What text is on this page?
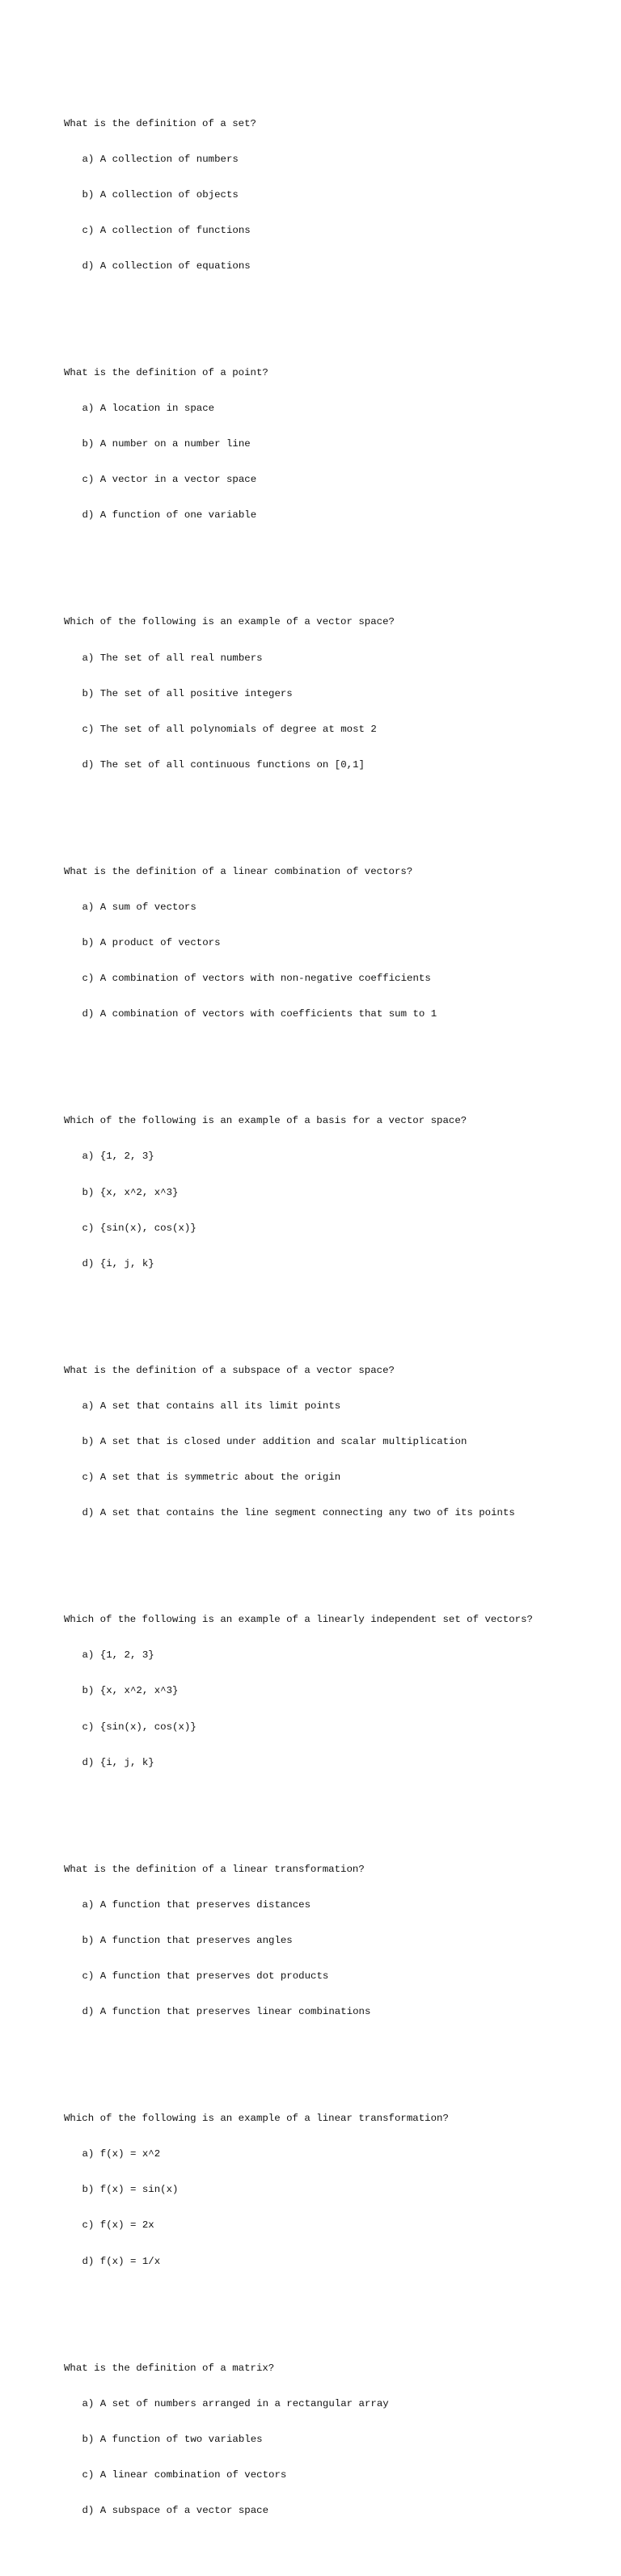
What is the definition of a set?

a) A collection of numbers

b) A collection of objects

c) A collection of functions

d) A collection of equations

What is the definition of a point?

a) A location in space

b) A number on a number line

c) A vector in a vector space

d) A function of one variable

Which of the following is an example of a vector space?

a) The set of all real numbers

b) The set of all positive integers

c) The set of all polynomials of degree at most 2

d) The set of all continuous functions on [0,1]

What is the definition of a linear combination of vectors?

a) A sum of vectors

b) A product of vectors

c) A combination of vectors with non-negative coefficients

d) A combination of vectors with coefficients that sum to 1

Which of the following is an example of a basis for a vector space?

a) {1, 2, 3}

b) {x, x^2, x^3}

c) {sin(x), cos(x)}

d) {i, j, k}

What is the definition of a subspace of a vector space?

a) A set that contains all its limit points

b) A set that is closed under addition and scalar multiplication

c) A set that is symmetric about the origin

d) A set that contains the line segment connecting any two of its points

Which of the following is an example of a linearly independent set of vectors?

a) {1, 2, 3}

b) {x, x^2, x^3}

c) {sin(x), cos(x)}

d) {i, j, k}

What is the definition of a linear transformation?

a) A function that preserves distances

b) A function that preserves angles

c) A function that preserves dot products

d) A function that preserves linear combinations

Which of the following is an example of a linear transformation?

a) f(x) = x^2

b) f(x) = sin(x)

c) f(x) = 2x

d) f(x) = 1/x

What is the definition of a matrix?

a) A set of numbers arranged in a rectangular array

b) A function of two variables

c) A linear combination of vectors

d) A subspace of a vector space
